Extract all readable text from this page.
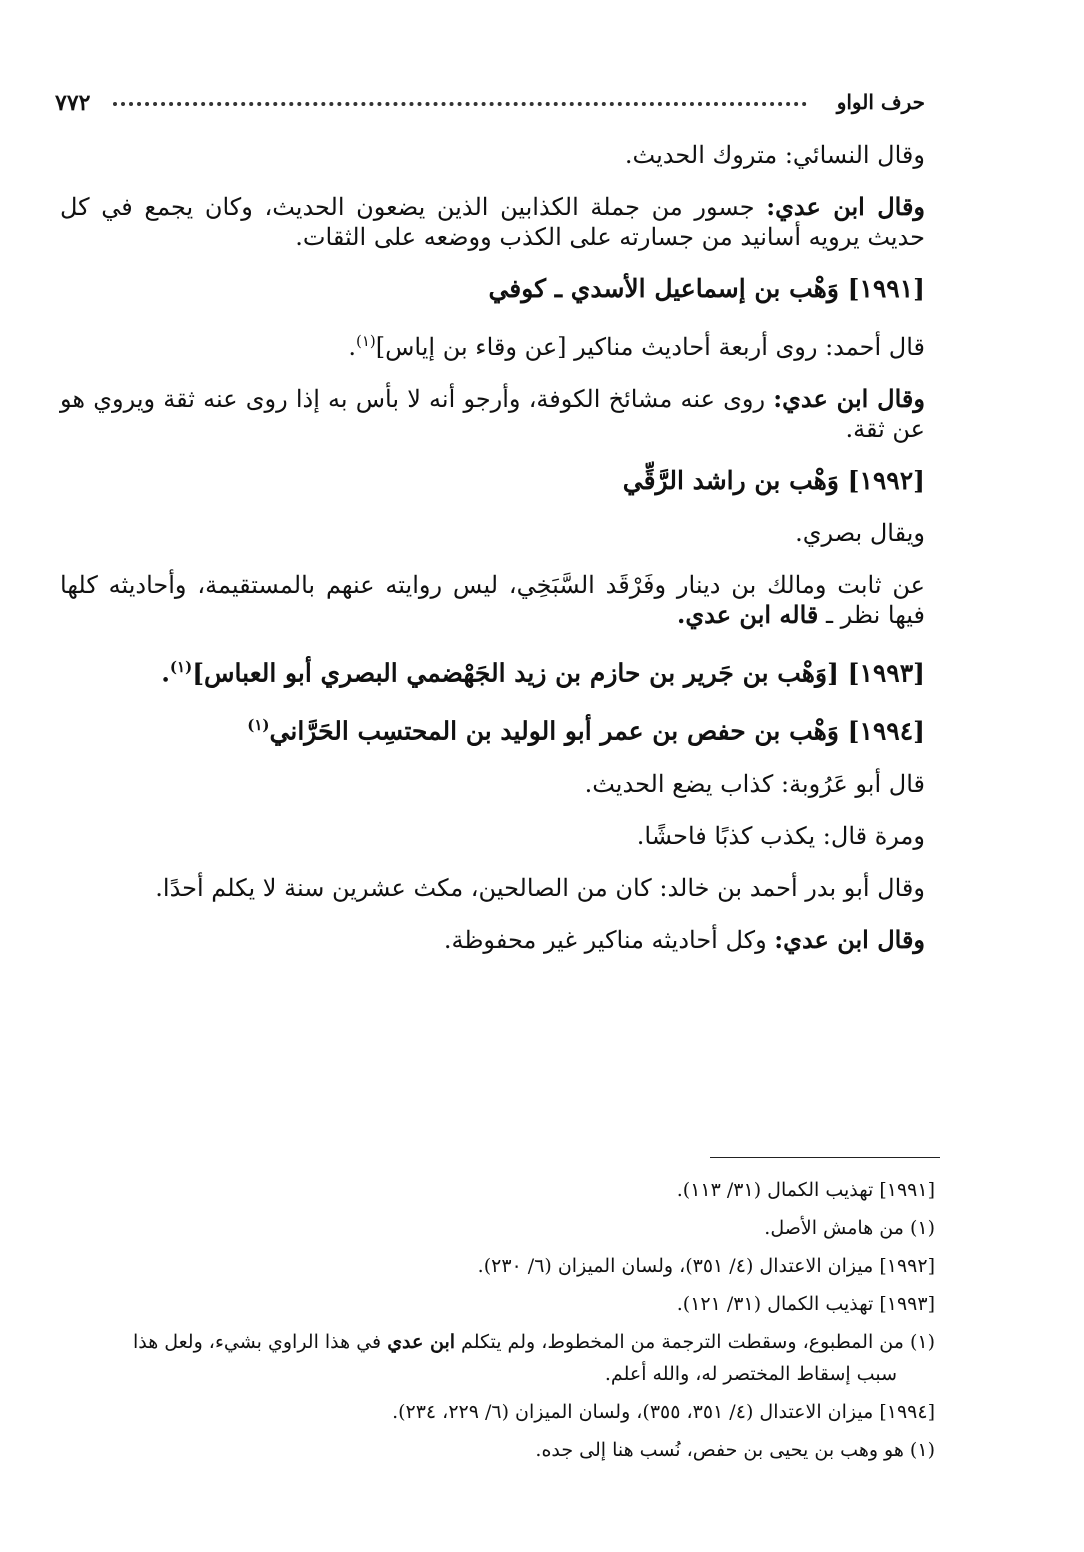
حرف الواو
٧٧٢

وقال النسائي: متروك الحديث.

وقال ابن عدي: جسور من جملة الكذابين الذين يضعون الحديث، وكان يجمع في كل حديث يرويه أسانيد من جسارته على الكذب ووضعه على الثقات.

[١٩٩١] وَهْب بن إسماعيل الأسدي ـ كوفي

قال أحمد: روى أربعة أحاديث مناكير [عن وقاء بن إياس]$^{(١)}$.

وقال ابن عدي: روى عنه مشائخ الكوفة، وأرجو أنه لا بأس به إذا روى عنه ثقة ويروي هو عن ثقة.

[١٩٩٢] وَهْب بن راشد الرَّقِّي

ويقال بصري.

عن ثابت ومالك بن دينار وفَرْقَد السَّبَخِي، ليس روايته عنهم بالمستقيمة، وأحاديثه كلها فيها نظر ـ قاله ابن عدي.

[١٩٩٣] [وَهْب بن جَرير بن حازم بن زيد الجَهْضمي البصري أبو العباس]$^{(١)}$.

[١٩٩٤] وَهْب بن حفص بن عمر أبو الوليد بن المحتسِب الحَرَّاني$^{(١)}$

قال أبو عَرُوبة: كذاب يضع الحديث.

ومرة قال: يكذب كذبًا فاحشًا.

وقال أبو بدر أحمد بن خالد: كان من الصالحين، مكث عشرين سنة لا يكلم أحدًا.

وقال ابن عدي: وكل أحاديثه مناكير غير محفوظة.

[١٩٩١] تهذيب الكمال (٣١/ ١١٣).

(١) من هامش الأصل.

[١٩٩٢] ميزان الاعتدال (٤/ ٣٥١)، ولسان الميزان (٦/ ٢٣٠).

[١٩٩٣] تهذيب الكمال (٣١/ ١٢١).

(١) من المطبوع، وسقطت الترجمة من المخطوط، ولم يتكلم ابن عدي في هذا الراوي بشيء، ولعل هذا

سبب إسقاط المختصر له، والله أعلم.

[١٩٩٤] ميزان الاعتدال (٤/ ٣٥١، ٣٥٥)، ولسان الميزان (٦/ ٢٢٩، ٢٣٤).

(١) هو وهب بن يحيى بن حفص، نُسب هنا إلى جده.
